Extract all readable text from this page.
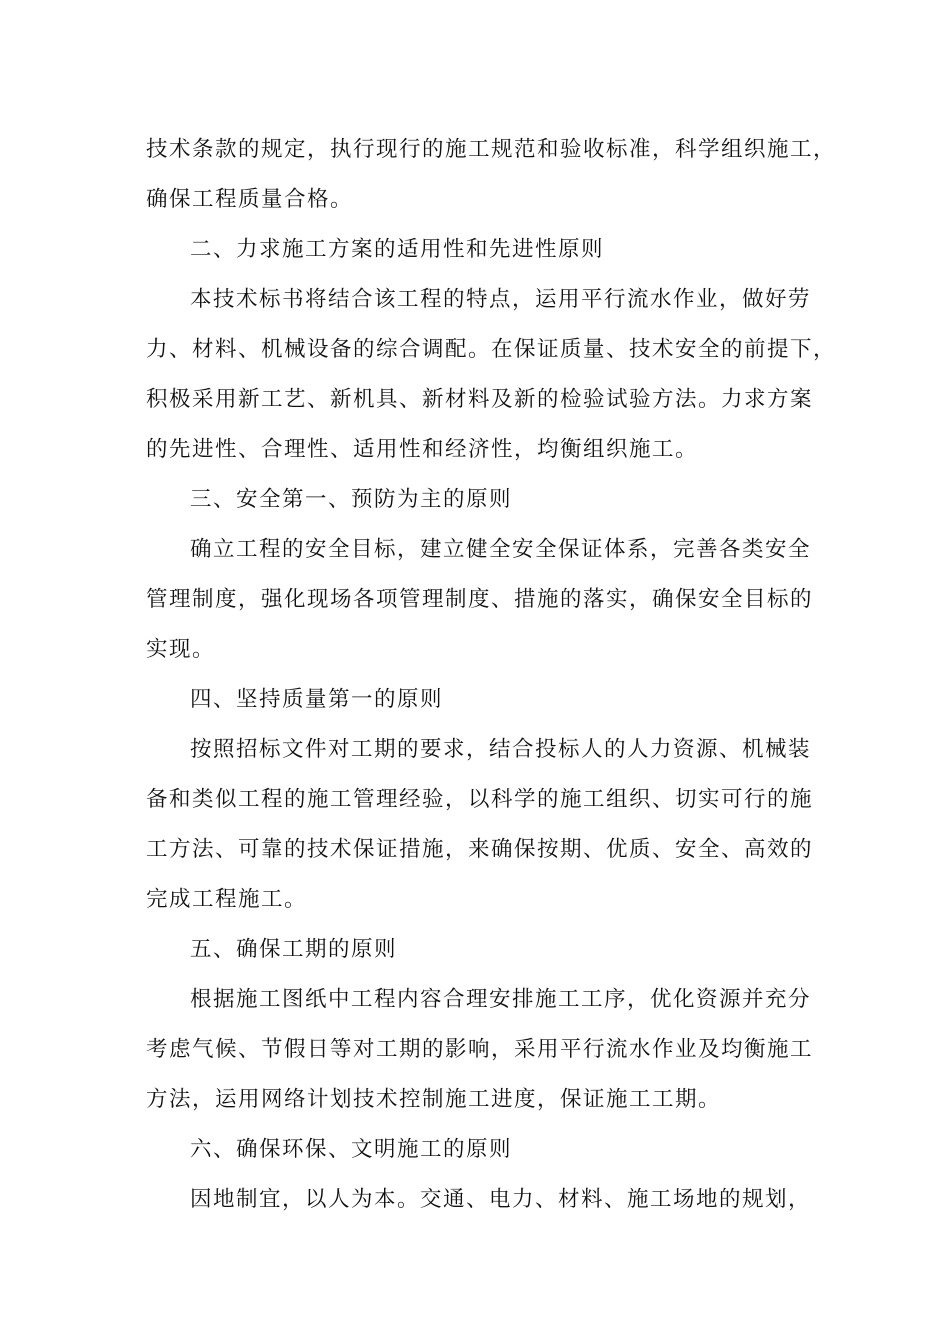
技术条款的规定，执行现行的施工规范和验收标准，科学组织施工，
确保工程质量合格。
二、力求施工方案的适用性和先进性原则
本技术标书将结合该工程的特点，运用平行流水作业，做好劳
力、材料、机械设备的综合调配。在保证质量、技术安全的前提下，
积极采用新工艺、新机具、新材料及新的检验试验方法。力求方案
的先进性、合理性、适用性和经济性，均衡组织施工。
三、安全第一、预防为主的原则
确立工程的安全目标，建立健全安全保证体系，完善各类安全
管理制度，强化现场各项管理制度、措施的落实，确保安全目标的
实现。
四、坚持质量第一的原则
按照招标文件对工期的要求，结合投标人的人力资源、机械装
备和类似工程的施工管理经验，以科学的施工组织、切实可行的施
工方法、可靠的技术保证措施，来确保按期、优质、安全、高效的
完成工程施工。
五、确保工期的原则
根据施工图纸中工程内容合理安排施工工序，优化资源并充分
考虑气候、节假日等对工期的影响，采用平行流水作业及均衡施工
方法，运用网络计划技术控制施工进度，保证施工工期。
六、确保环保、文明施工的原则
因地制宜，以人为本。交通、电力、材料、施工场地的规划，
